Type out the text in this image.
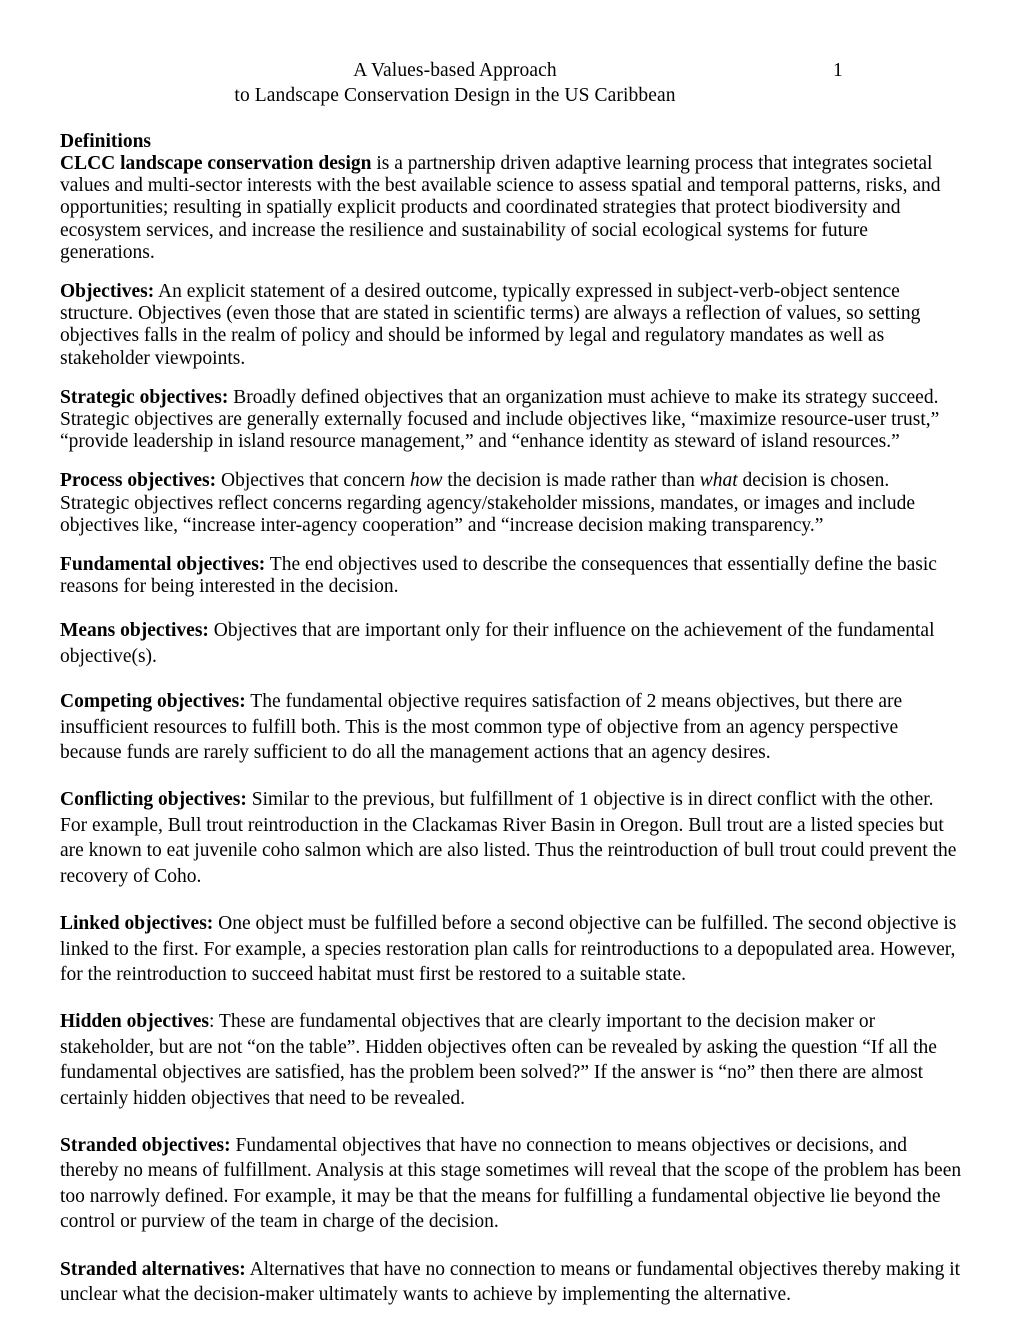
A Values-based Approach
to Landscape Conservation Design in the US Caribbean
1
Definitions

CLCC landscape conservation design is a partnership driven adaptive learning process that integrates societal values and multi-sector interests with the best available science to assess spatial and temporal patterns, risks, and opportunities; resulting in spatially explicit products and coordinated strategies that protect biodiversity and ecosystem services, and increase the resilience and sustainability of social ecological systems for future generations.

Objectives: An explicit statement of a desired outcome, typically expressed in subject-verb-object sentence structure. Objectives (even those that are stated in scientific terms) are always a reflection of values, so setting objectives falls in the realm of policy and should be informed by legal and regulatory mandates as well as stakeholder viewpoints.

Strategic objectives: Broadly defined objectives that an organization must achieve to make its strategy succeed. Strategic objectives are generally externally focused and include objectives like, “maximize resource-user trust,” “provide leadership in island resource management,” and “enhance identity as steward of island resources.”

Process objectives: Objectives that concern how the decision is made rather than what decision is chosen. Strategic objectives reflect concerns regarding agency/stakeholder missions, mandates, or images and include objectives like, “increase inter-agency cooperation” and “increase decision making transparency.”

Fundamental objectives: The end objectives used to describe the consequences that essentially define the basic reasons for being interested in the decision.

Means objectives: Objectives that are important only for their influence on the achievement of the fundamental objective(s).

Competing objectives: The fundamental objective requires satisfaction of 2 means objectives, but there are insufficient resources to fulfill both. This is the most common type of objective from an agency perspective because funds are rarely sufficient to do all the management actions that an agency desires.

Conflicting objectives: Similar to the previous, but fulfillment of 1 objective is in direct conflict with the other. For example, Bull trout reintroduction in the Clackamas River Basin in Oregon. Bull trout are a listed species but are known to eat juvenile coho salmon which are also listed. Thus the reintroduction of bull trout could prevent the recovery of Coho.

Linked objectives: One object must be fulfilled before a second objective can be fulfilled. The second objective is linked to the first. For example, a species restoration plan calls for reintroductions to a depopulated area. However, for the reintroduction to succeed habitat must first be restored to a suitable state.

Hidden objectives: These are fundamental objectives that are clearly important to the decision maker or stakeholder, but are not “on the table”. Hidden objectives often can be revealed by asking the question “If all the fundamental objectives are satisfied, has the problem been solved?” If the answer is “no” then there are almost certainly hidden objectives that need to be revealed.

Stranded objectives: Fundamental objectives that have no connection to means objectives or decisions, and thereby no means of fulfillment. Analysis at this stage sometimes will reveal that the scope of the problem has been too narrowly defined. For example, it may be that the means for fulfilling a fundamental objective lie beyond the control or purview of the team in charge of the decision.

Stranded alternatives: Alternatives that have no connection to means or fundamental objectives thereby making it unclear what the decision-maker ultimately wants to achieve by implementing the alternative.
